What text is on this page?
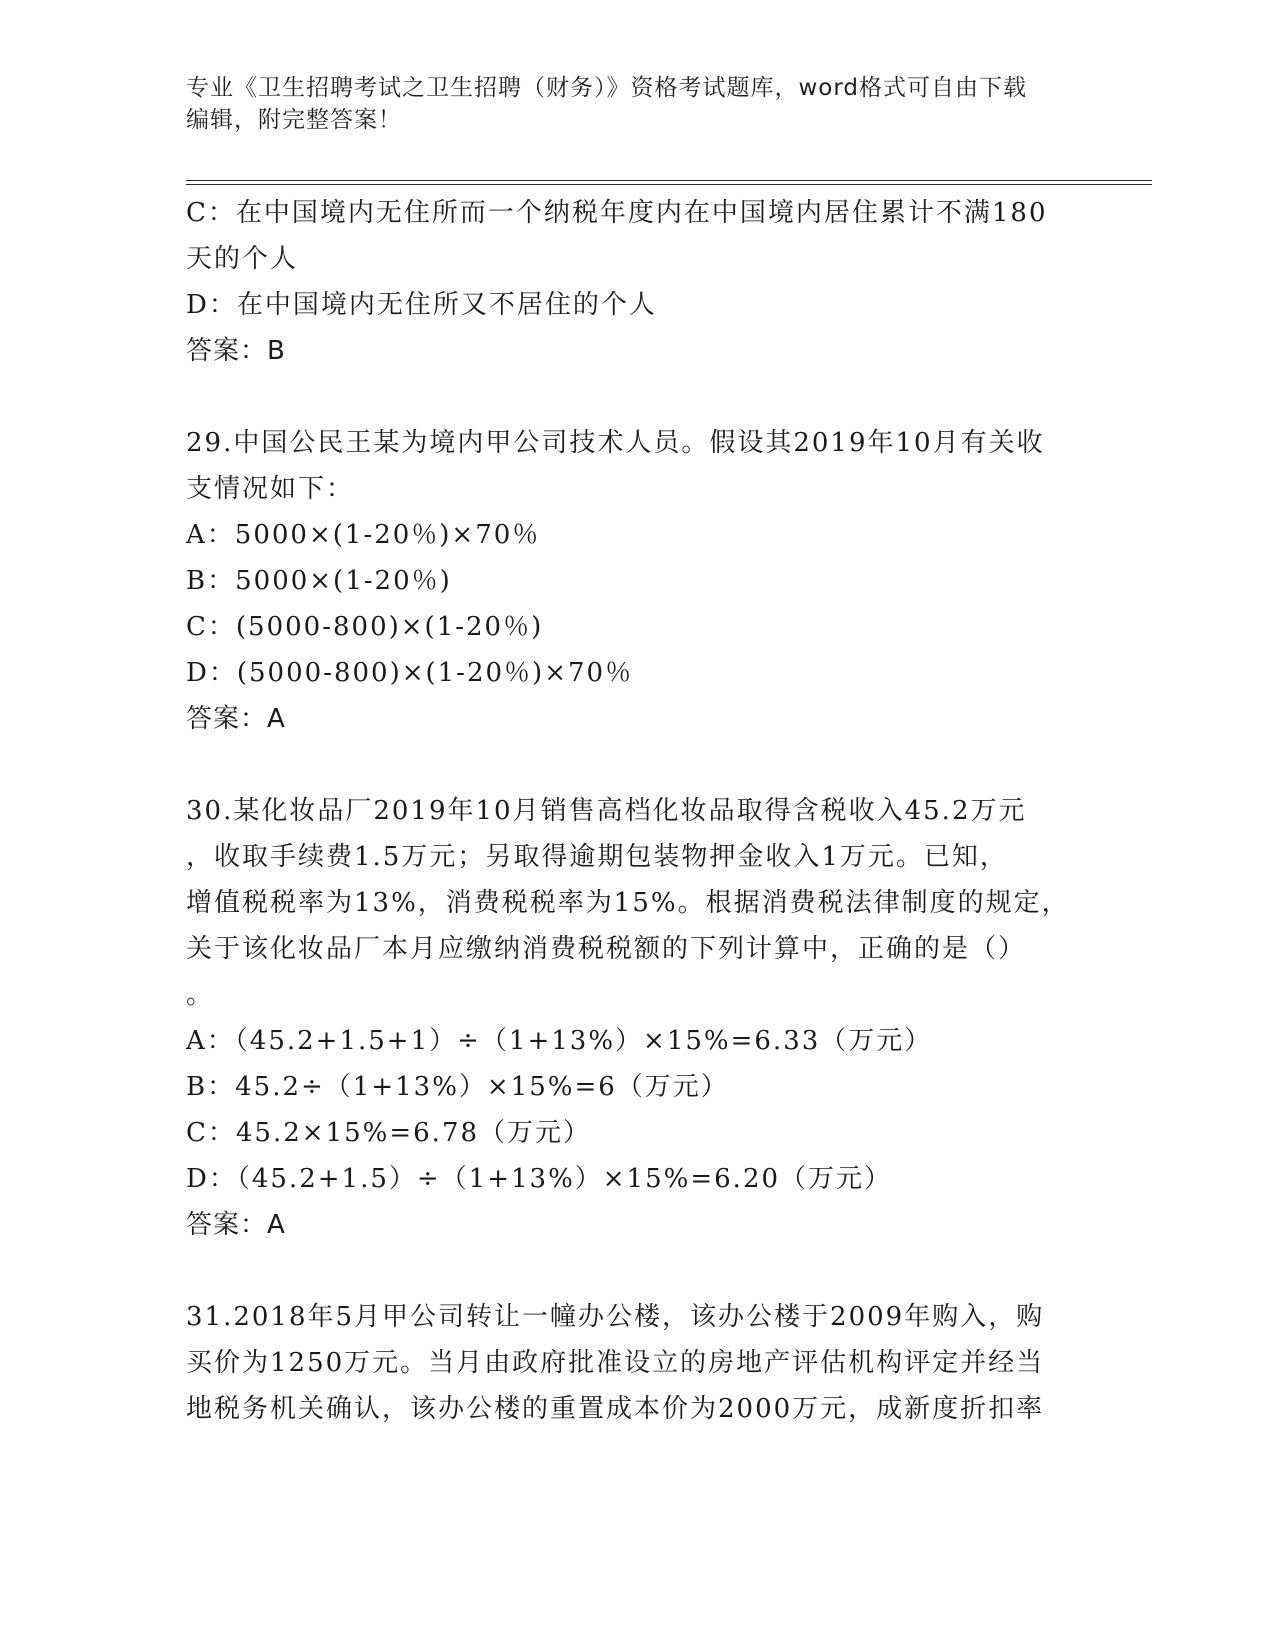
专业《卫生招聘考试之卫生招聘（财务）》资格考试题库，word格式可自由下载
编辑，附完整答案！
C：在中国境内无住所而一个纳税年度内在中国境内居住累计不满180
天的个人
D：在中国境内无住所又不居住的个人
答案：B
29.中国公民王某为境内甲公司技术人员。假设其2019年10月有关收
支情况如下：
A：5000×(1-20％)×70％
B：5000×(1-20％)
C：(5000-800)×(1-20％)
D：(5000-800)×(1-20％)×70％
答案：A
30.某化妆品厂2019年10月销售高档化妆品取得含税收入45.2万元
，收取手续费1.5万元；另取得逾期包装物押金收入1万元。已知，
增值税税率为13%，消费税税率为15%。根据消费税法律制度的规定，
关于该化妆品厂本月应缴纳消费税税额的下列计算中，正确的是（）
。
A：（45.2+1.5+1）÷（1+13%）×15%=6.33（万元）
B：45.2÷（1+13%）×15%=6（万元）
C：45.2×15%=6.78（万元）
D：（45.2+1.5）÷（1+13%）×15%=6.20（万元）
答案：A
31.2018年5月甲公司转让一幢办公楼，该办公楼于2009年购入，购
买价为1250万元。当月由政府批准设立的房地产评估机构评定并经当
地税务机关确认，该办公楼的重置成本价为2000万元，成新度折扣率
